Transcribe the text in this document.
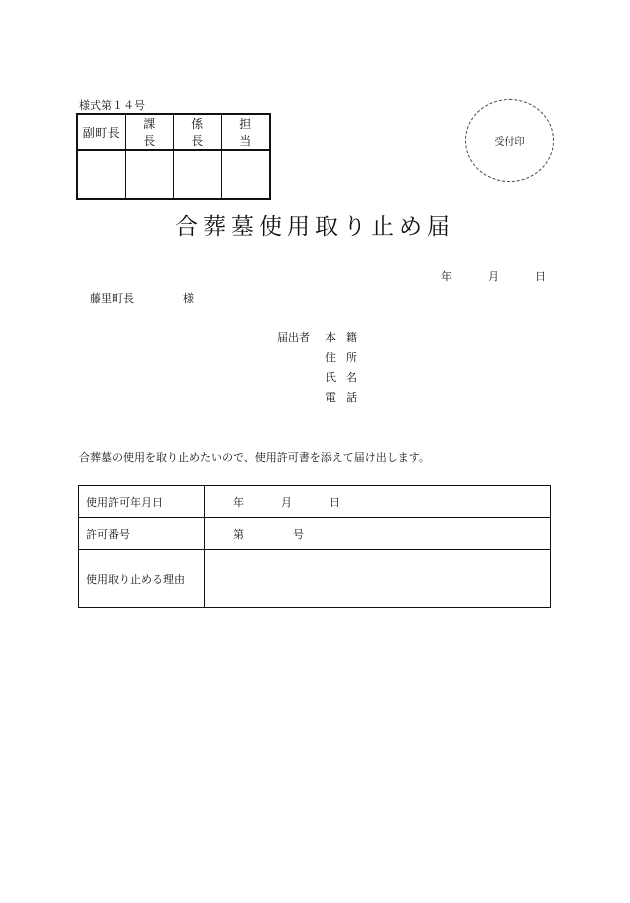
様式第１４号
副町長	課　　長	係　　長	担　　当
				受付印
合葬墓使用取り止め届
年	月	日
藤里町長	様
届出者 本籍
住所
氏名
電話
合葬墓の使用を取り止めたいので、使用許可書を添えて届け出します。
使用許可年月日	年 月 日

許可番号	第 号

使用取り止める理由	
